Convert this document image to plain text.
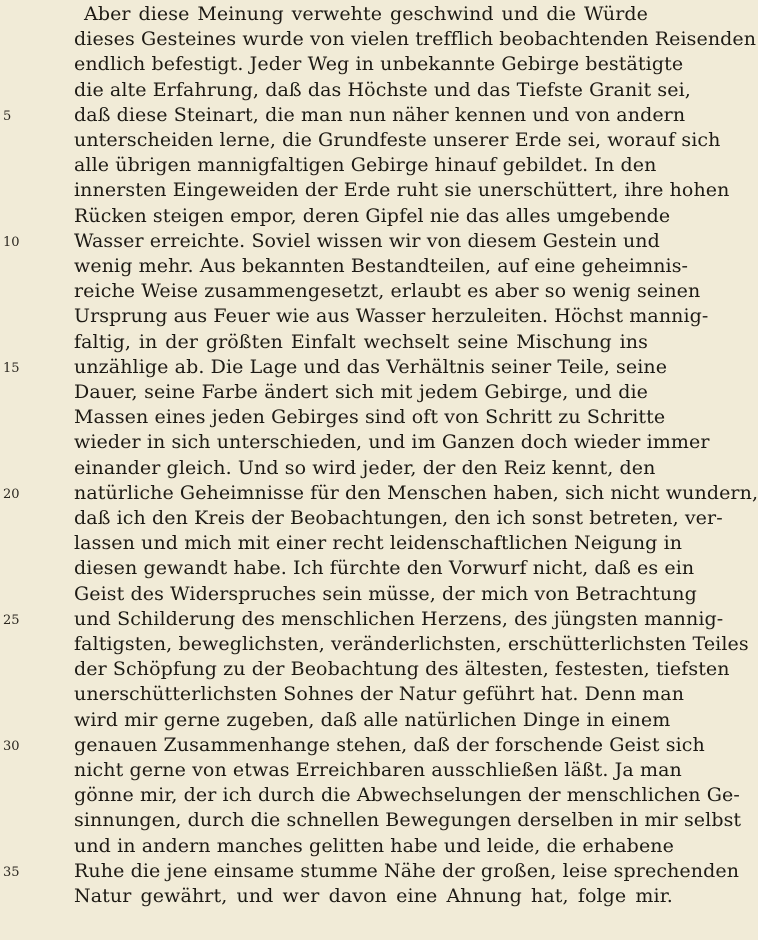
Aber diese Meinung verwehte geschwind und die Würde
dieses Gesteines wurde von vielen trefflich beobachtenden Reisenden
endlich befestigt. Jeder Weg in unbekannte Gebirge bestätigte
die alte Erfahrung, daß das Höchste und das Tiefste Granit sei,
5	daß diese Steinart, die man nun näher kennen und von andern
unterscheiden lerne, die Grundfeste unserer Erde sei, worauf sich
alle übrigen mannigfaltigen Gebirge hinauf gebildet. In den
innersten Eingeweiden der Erde ruht sie unerschüttert, ihre hohen
Rücken steigen empor, deren Gipfel nie das alles umgebende
10	Wasser erreichte. Soviel wissen wir von diesem Gestein und
wenig mehr. Aus bekannten Bestandteilen, auf eine geheimnis-
reiche Weise zusammengesetzt, erlaubt es aber so wenig seinen
Ursprung aus Feuer wie aus Wasser herzuleiten. Höchst mannig-
faltig, in der größten Einfalt wechselt seine Mischung ins
15	unzählige ab. Die Lage und das Verhältnis seiner Teile, seine
Dauer, seine Farbe ändert sich mit jedem Gebirge, und die
Massen eines jeden Gebirges sind oft von Schritt zu Schritte
wieder in sich unterschieden, und im Ganzen doch wieder immer
einander gleich. Und so wird jeder, der den Reiz kennt, den
20	natürliche Geheimnisse für den Menschen haben, sich nicht wundern,
daß ich den Kreis der Beobachtungen, den ich sonst betreten, ver-
lassen und mich mit einer recht leidenschaftlichen Neigung in
diesen gewandt habe. Ich fürchte den Vorwurf nicht, daß es ein
Geist des Widerspruches sein müsse, der mich von Betrachtung
25	und Schilderung des menschlichen Herzens, des jüngsten mannig-
faltigsten, beweglichsten, veränderlichsten, erschütterlichsten Teiles
der Schöpfung zu der Beobachtung des ältesten, festesten, tiefsten
unerschütterlichsten Sohnes der Natur geführt hat. Denn man
wird mir gerne zugeben, daß alle natürlichen Dinge in einem
30	genauen Zusammenhange stehen, daß der forschende Geist sich
nicht gerne von etwas Erreichbaren ausschließen läßt. Ja man
gönne mir, der ich durch die Abwechselungen der menschlichen Ge-
sinnungen, durch die schnellen Bewegungen derselben in mir selbst
und in andern manches gelitten habe und leide, die erhabene
35	Ruhe die jene einsame stumme Nähe der großen, leise sprechenden
Natur gewährt, und wer davon eine Ahnung hat, folge mir.
